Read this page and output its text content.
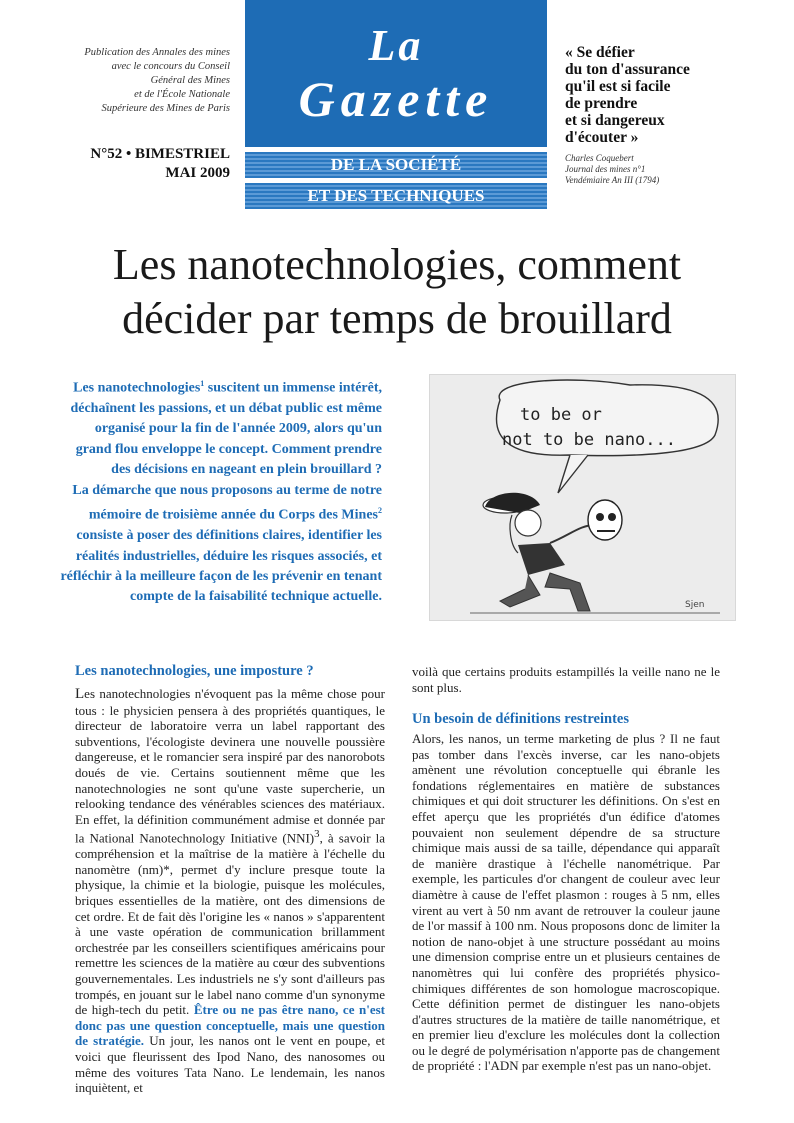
Publication des Annales des mines
avec le concours du Conseil
Général des Mines
et de l'École Nationale
Supérieure des Mines de Paris
N°52 • BIMESTRIEL
MAI 2009
La
Gazette
DE LA SOCIÉTÉ
ET DES TECHNIQUES
« Se défier
du ton d'assurance
qu'il est si facile
de prendre
et si dangereux
d'écouter »
Charles Coquebert
Journal des mines n°1
Vendémiaire An III (1794)
Les nanotechnologies, comment
décider par temps de brouillard
Les nanotechnologies$^1$ suscitent un immense intérêt, déchaînent les passions, et un débat public est même organisé pour la fin de l'année 2009, alors qu'un grand flou enveloppe le concept. Comment prendre des décisions en nageant en plein brouillard ?
La démarche que nous proposons au terme de notre mémoire de troisième année du Corps des Mines$^2$ consiste à poser des définitions claires, identifier les réalités industrielles, déduire les risques associés, et réfléchir à la meilleure façon de les prévenir en tenant compte de la faisabilité technique actuelle.
to be or
not to be nano...
Sjen
Les nanotechnologies, une imposture ?
Les nanotechnologies n'évoquent pas la même chose pour tous : le physicien pensera à des propriétés quantiques, le directeur de laboratoire verra un label rapportant des subventions, l'écologiste devinera une nouvelle poussière dangereuse, et le romancier sera inspiré par des nanorobots doués de vie. Certains soutiennent même que les nanotechnologies ne sont qu'une vaste supercherie, un relooking tendance des vénérables sciences des matériaux. En effet, la définition communément admise et donnée par la National Nanotechnology Initiative (NNI)$^3$, à savoir la compréhension et la maîtrise de la matière à l'échelle du nanomètre (nm)*, permet d'y inclure presque toute la physique, la chimie et la biologie, puisque les molécules, briques essentielles de la matière, ont des dimensions de cet ordre. Et de fait dès l'origine les « nanos » s'apparentent à une vaste opération de communication brillamment orchestrée par les conseillers scientifiques américains pour remettre les sciences de la matière au cœur des subventions gouvernementales. Les industriels ne s'y sont d'ailleurs pas trompés, en jouant sur le label nano comme d'un synonyme de high-tech du petit. Être ou ne pas être nano, ce n'est donc pas une question conceptuelle, mais une question de stratégie. Un jour, les nanos ont le vent en poupe, et voici que fleurissent des Ipod Nano, des nanosomes ou même des voitures Tata Nano. Le lendemain, les nanos inquiètent, et
voilà que certains produits estampillés la veille nano ne le sont plus.
Un besoin de définitions restreintes
Alors, les nanos, un terme marketing de plus ? Il ne faut pas tomber dans l'excès inverse, car les nano-objets amènent une révolution conceptuelle qui ébranle les fondations réglementaires en matière de substances chimiques et qui doit structurer les définitions. On s'est en effet aperçu que les propriétés d'un édifice d'atomes pouvaient non seulement dépendre de sa structure chimique mais aussi de sa taille, dépendance qui apparaît de manière drastique à l'échelle nanométrique. Par exemple, les particules d'or changent de couleur avec leur diamètre à cause de l'effet plasmon : rouges à 5 nm, elles virent au vert à 50 nm avant de retrouver la couleur jaune de l'or massif à 100 nm. Nous proposons donc de limiter la notion de nano-objet à une structure possédant au moins une dimension comprise entre un et plusieurs centaines de nanomètres qui lui confère des propriétés physico-chimiques différentes de son homologue macroscopique. Cette définition permet de distinguer les nano-objets d'autres structures de la matière de taille nanométrique, et en premier lieu d'exclure les molécules dont la collection ou le degré de polymérisation n'apporte pas de changement de propriété : l'ADN par exemple n'est pas un nano-objet.
